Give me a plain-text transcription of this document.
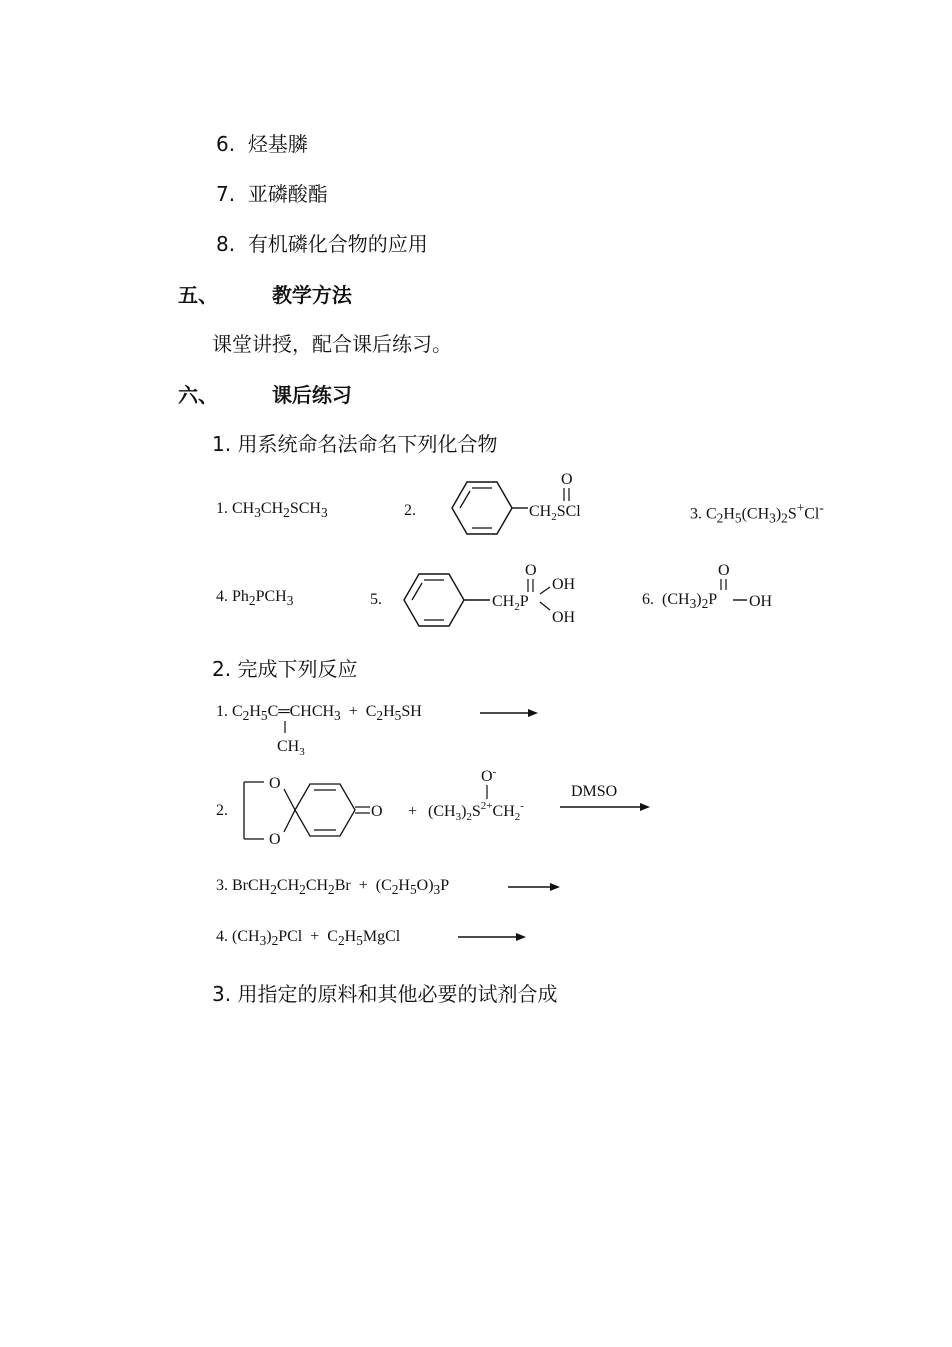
6. 烃基膦
7. 亚磷酸酯
8. 有机磷化合物的应用
五、	教学方法
课堂讲授，配合课后练习。
六、	课后练习
1. 用系统命名法命名下列化合物
1. $CH_3CH_2SCH_3$	2.	$CH_2SCl$
O
3. $C_2H_5(CH_3)_2S^+Cl^-$
4. $Ph_2PCH_3$	5.	$CH_2P$
O
OH
OH
6.  $(CH_3)_2P$
O
OH
2. 完成下列反应
1. $C_2H_5C═CHCH_3 + C_2H_5SH$
$CH_3$
2.
O
O
$O + (CH_3)_2S^{2+}CH_2^-$
O-
DMSO
3. $BrCH_2CH_2CH_2Br + (C_2H_5O)_3P$
4. $(CH_3)_2PCl$  +  $C_2H_5MgCl$
3. 用指定的原料和其他必要的试剂合成
